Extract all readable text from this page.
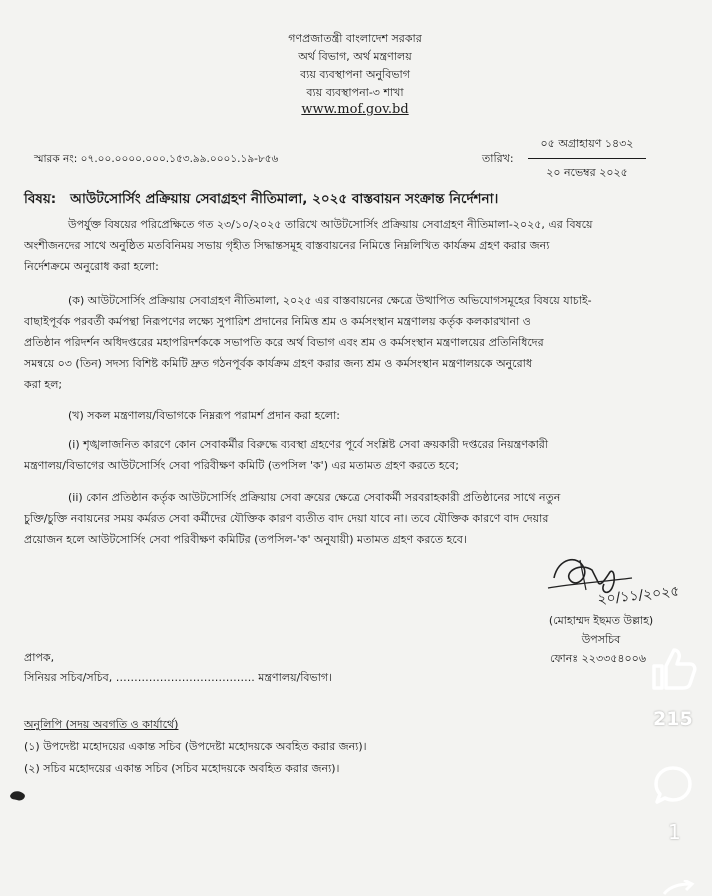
গণপ্রজাতন্ত্রী বাংলাদেশ সরকার
অর্থ বিভাগ, অর্থ মন্ত্রণালয়
ব্যয় ব্যবস্থাপনা অনুবিভাগ
ব্যয় ব্যবস্থাপনা-৩ শাখা
www.mof.gov.bd
স্মারক নং: ০৭.০০.০০০০.০০০.১৫৩.৯৯.০০০১.১৯-৮৫৬	তারিখ:
০৫ অগ্রাহায়ণ ১৪৩২
২০ নভেম্বর ২০২৫
বিষয়: আউটসোর্সিং প্রক্রিয়ায় সেবাগ্রহণ নীতিমালা, ২০২৫ বাস্তবায়ন সংক্রান্ত নির্দেশনা।
উপর্যুক্ত বিষয়ের পরিপ্রেক্ষিতে গত ২৩/১০/২০২৫ তারিখে আউটসোর্সিং প্রক্রিয়ায় সেবাগ্রহণ নীতিমালা-২০২৫, এর বিষয়ে
অংশীজনদের সাথে অনুষ্ঠিত মতবিনিময় সভায় গৃহীত সিদ্ধান্তসমূহ বাস্তবায়নের নিমিত্তে নিম্নলিখিত কার্যক্রম গ্রহণ করার জন্য
নির্দেশক্রমে অনুরোধ করা হলো:
(ক) আউটসোর্সিং প্রক্রিয়ায় সেবাগ্রহণ নীতিমালা, ২০২৫ এর বাস্তবায়নের ক্ষেত্রে উত্থাপিত অভিযোগসমূহের বিষয়ে যাচাই-
বাছাইপূর্বক পরবর্তী কর্মপন্থা নিরূপণের লক্ষ্যে সুপারিশ প্রদানের নিমিত্ত শ্রম ও কর্মসংস্থান মন্ত্রণালয় কর্তৃক কলকারখানা ও
প্রতিষ্ঠান পরিদর্শন অধিদপ্তরের মহাপরিদর্শককে সভাপতি করে অর্থ বিভাগ এবং শ্রম ও কর্মসংস্থান মন্ত্রণালয়ের প্রতিনিধিদের
সমন্বয়ে ০৩ (তিন) সদস্য বিশিষ্ট কমিটি দ্রুত গঠনপূর্বক কার্যক্রম গ্রহণ করার জন্য শ্রম ও কর্মসংস্থান মন্ত্রণালয়কে অনুরোধ
করা হল;
(খ) সকল মন্ত্রণালয়/বিভাগকে নিম্নরূপ পরামর্শ প্রদান করা হলো:
(i) শৃঙ্খলাজনিত কারণে কোন সেবাকর্মীর বিরুদ্ধে ব্যবস্থা গ্রহণের পূর্বে সংশ্লিষ্ট সেবা ক্রয়কারী দপ্তরের নিয়ন্ত্রণকারী
মন্ত্রণালয়/বিভাগের আউটসোর্সিং সেবা পরিবীক্ষণ কমিটি (তপসিল 'ক') এর মতামত গ্রহণ করতে হবে;
(ii) কোন প্রতিষ্ঠান কর্তৃক আউটসোর্সিং প্রক্রিয়ায় সেবা ক্রয়ের ক্ষেত্রে সেবাকর্মী সরবরাহকারী প্রতিষ্ঠানের সাথে নতুন
চুক্তি/চুক্তি নবায়নের সময় কর্মরত সেবা কর্মীদের যৌক্তিক কারণ ব্যতীত বাদ দেয়া যাবে না। তবে যৌক্তিক কারণে বাদ দেয়ার
প্রয়োজন হলে আউটসোর্সিং সেবা পরিবীক্ষণ কমিটির (তপসিল-'ক' অনুযায়ী) মতামত গ্রহণ করতে হবে।
২০/১১/২০২৫
(মোহাম্মদ ইছমত উল্লাহ)
উপসচিব
ফোনঃ ২২৩৩৫৪০০৬
প্রাপক,
সিনিয়র সচিব/সচিব, ……………………………….. মন্ত্রণালয়/বিভাগ।
অনুলিপি (সদয় অবগতি ও কার্যার্থে)
(১) উপদেষ্টা মহোদয়ের একান্ত সচিব (উপদেষ্টা মহোদয়কে অবহিত করার জন্য)।
(২) সচিব মহোদয়ের একান্ত সচিব (সচিব মহোদয়কে অবহিত করার জন্য)।
215
1
